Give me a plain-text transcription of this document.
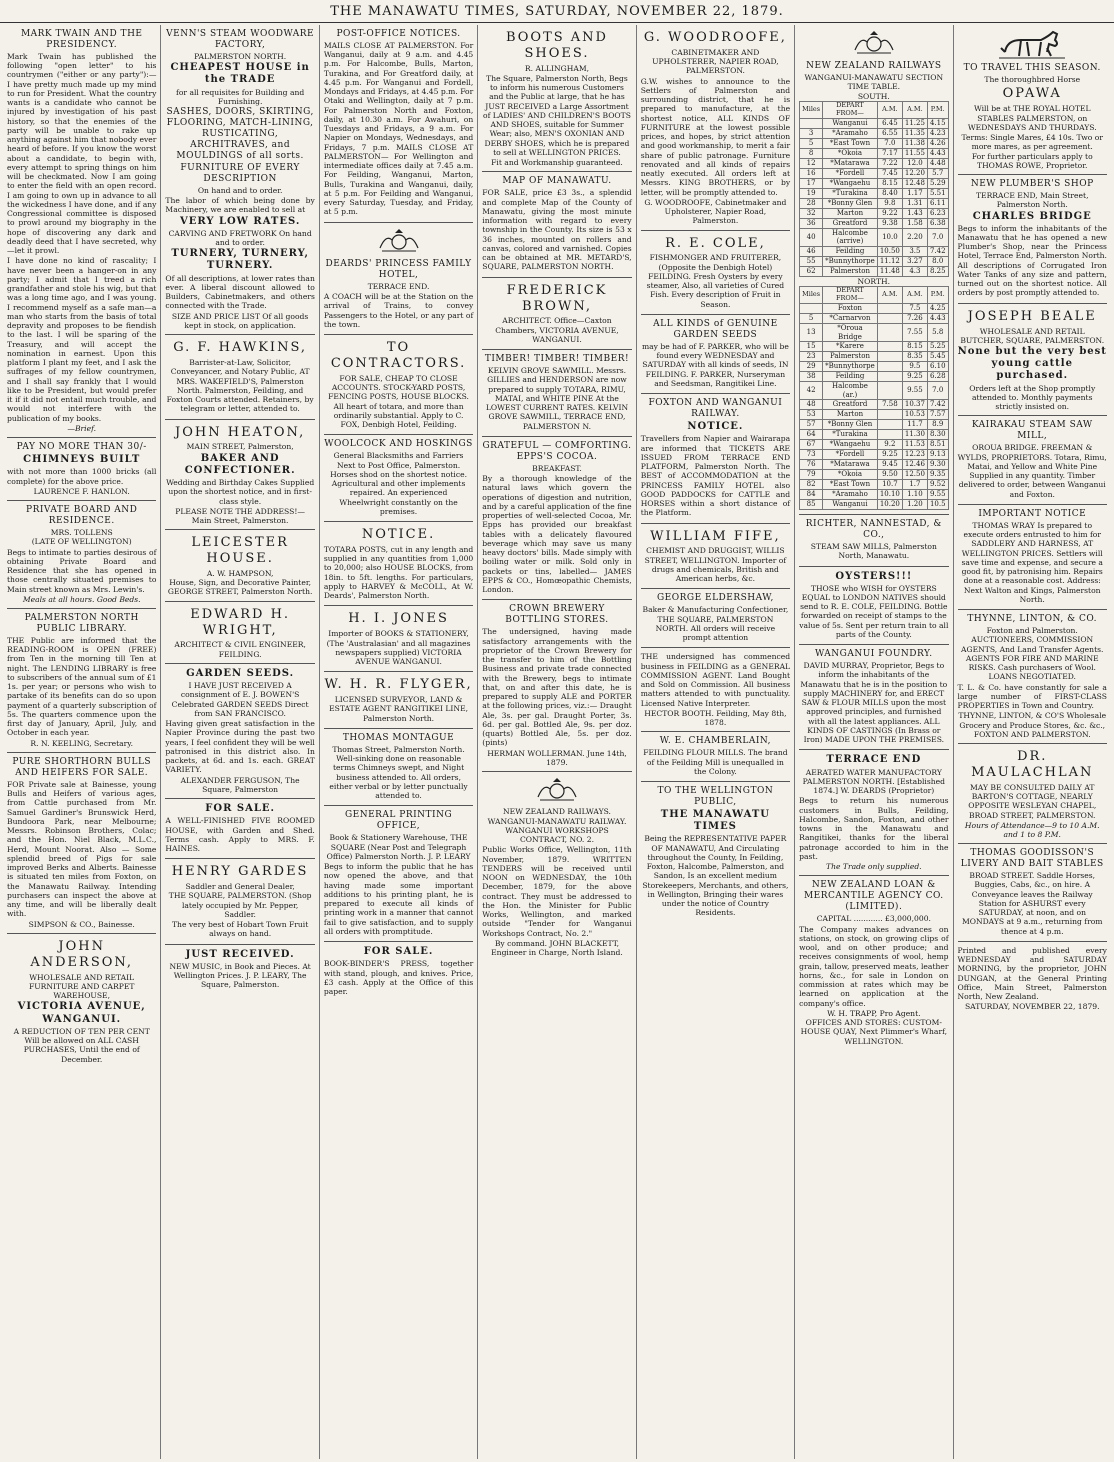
THE MANAWATU TIMES, SATURDAY, NOVEMBER 22, 1879.
MARK TWAIN AND THE PRESIDENCY.

Mark Twain has published the following "open letter" to his countrymen ("either or any party"):— I have pretty much made up my mind to run for President. What the country wants is a candidate who cannot be injured by investigation of his past history, so that the enemies of the party will be unable to rake up anything against him that nobody ever heard of before. If you know the worst about a candidate, to begin with, every attempt to spring things on him will be checkmated. Now I am going to enter the field with an open record. I am going to own up in advance to all the wickedness I have done, and if any Congressional committee is disposed to prowl around my biography in the hope of discovering any dark and deadly deed that I have secreted, why—let it prowl.

I have done no kind of rascality; I have never been a hanger-on in any party; I admit that I treed a rich grandfather and stole his wig, but that was a long time ago, and I was young. I recommend myself as a safe man—a man who starts from the basis of total depravity and proposes to be fiendish to the last. I will be sparing of the Treasury, and will accept the nomination in earnest. Upon this platform I plant my feet, and I ask the suffrages of my fellow countrymen, and I shall say frankly that I would like to be President, but would prefer it if it did not entail much trouble, and would not interfere with the publication of my books.

—Brief.
PAY NO MORE THAN 30/-
CHIMNEYS BUILT

with not more than 1000 bricks (all complete) for the above price.

LAURENCE F. HANLON.
PRIVATE BOARD AND RESIDENCE.
MRS. TOLLENS
(LATE OF WELLINGTON)

Begs to intimate to parties desirous of obtaining Private Board and Residence that she has opened in those centrally situated premises to Main street known as Mrs. Lewin's.

Meals at all hours. Good Beds.
PALMERSTON NORTH PUBLIC LIBRARY.

THE Public are informed that the READING-ROOM is OPEN (FREE) from Ten in the morning till Ten at night. The LENDING LIBRARY is free to subscribers of the annual sum of £1 1s. per year; or persons who wish to partake of its benefits can do so upon payment of a quarterly subscription of 5s. The quarters commence upon the first day of January, April, July, and October in each year.

R. N. KEELING, Secretary.
PURE SHORTHORN BULLS AND HEIFERS FOR SALE.

FOR Private sale at Bainesse, young Bulls and Heifers of various ages, from Cattle purchased from Mr. Samuel Gardiner's Brunswick Herd, Bundoora Park, near Melbourne; Messrs. Robinson Brothers, Colac; and the Hon. Niel Black, M.L.C., Herd, Mount Noorat. Also — Some splendid breed of Pigs for sale improved Berks and Alberts. Bainesse is situated ten miles from Foxton, on the Manawatu Railway. Intending purchasers can inspect the above at any time, and will be liberally dealt with.

SIMPSON & CO., Bainesse.
JOHN ANDERSON,
WHOLESALE AND RETAIL FURNITURE AND CARPET WAREHOUSE,
VICTORIA AVENUE, WANGANUI.

A REDUCTION OF TEN PER CENT Will be allowed on ALL CASH PURCHASES, Until the end of December.

VENN'S STEAM WOODWARE FACTORY,
PALMERSTON NORTH.
CHEAPEST HOUSE in the TRADE
for all requisites for Building and Furnishing.
SASHES, DOORS, SKIRTING, FLOORING, MATCH-LINING, RUSTICATING, ARCHITRAVES, and MOULDINGS of all sorts.
FURNITURE OF EVERY DESCRIPTION
On hand and to order.

The labor of which being done by Machinery, we are enabled to sell at

VERY LOW RATES.
CARVING AND FRETWORK On hand and to order.
TURNERY, TURNERY, TURNERY.

Of all descriptions, at lower rates than ever. A liberal discount allowed to Builders, Cabinetmakers, and others connected with the Trade.

SIZE AND PRICE LIST Of all goods kept in stock, on application.
G. F. HAWKINS,

Barrister-at-Law, Solicitor, Conveyancer, and Notary Public, AT MRS. WAKEFIELD'S, Palmerston North. Palmerston, Feilding, and Foxton Courts attended. Retainers, by telegram or letter, attended to.

JOHN HEATON,
MAIN STREET, Palmerston,
BAKER AND CONFECTIONER.

Wedding and Birthday Cakes Supplied upon the shortest notice, and in first-class style.

PLEASE NOTE THE ADDRESS!— Main Street, Palmerston.
LEICESTER HOUSE.
A. W. HAMPSON,
House, Sign, and Decorative Painter,
GEORGE STREET, Palmerston North.
EDWARD H. WRIGHT,
ARCHITECT & CIVIL ENGINEER, FEILDING.
GARDEN SEEDS.

I HAVE JUST RECEIVED A consignment of E. J. BOWEN'S Celebrated GARDEN SEEDS Direct from SAN FRANCISCO.

Having given great satisfaction in the Napier Province during the past two years, I feel confident they will be well patronised in this district also. In packets, at 6d. and 1s. each. GREAT VARIETY.

ALEXANDER FERGUSON, The Square, Palmerston
FOR SALE.

A WELL-FINISHED FIVE ROOMED HOUSE, with Garden and Shed. Terms cash. Apply to MRS. F. HAINES.

HENRY GARDES
Saddler and General Dealer,
THE SQUARE, PALMERSTON. (Shop lately occupied by Mr. Pepper, Saddler.

The very best of Hobart Town Fruit always on hand.

JUST RECEIVED.

NEW MUSIC, in Book and Pieces. At Wellington Prices. J. P. LEARY, The Square, Palmerston.

POST-OFFICE NOTICES.

MAILS CLOSE AT PALMERSTON. For Wanganui, daily at 9 a.m. and 4.45 p.m. For Halcombe, Bulls, Marton, Turakina, and For Greatford daily, at 4.45 p.m. For Wanganui and Fordell, Mondays and Fridays, at 4.45 p.m. For Otaki and Wellington, daily at 7 p.m. For Palmerston North and Foxton, daily, at 10.30 a.m. For Awahuri, on Tuesdays and Fridays, a 9 a.m. For Napier on Mondays, Wednesdays, and Fridays, 7 p.m. MAILS CLOSE AT PALMERSTON— For Wellington and intermediate offices daily at 7.45 a.m. For Feilding, Wanganui, Marton, Bulls, Turakina and Wanganui, daily, at 5 p.m. For Feilding and Wanganui, every Saturday, Tuesday, and Friday, at 5 p.m.

DEARDS' PRINCESS FAMILY HOTEL,
TERRACE END.

A COACH will be at the Station on the arrival of Trains, to convey Passengers to the Hotel, or any part of the town.

TO CONTRACTORS.

FOR SALE, CHEAP TO CLOSE ACCOUNTS. STOCK-YARD POSTS, FENCING POSTS, HOUSE BLOCKS. All heart of totara, and more than ordinarily substantial. Apply to C. FOX, Denbigh Hotel, Feilding.

WOOLCOCK AND HOSKINGS

General Blacksmiths and Farriers Next to Post Office, Palmerston. Horses shod on the shortest notice. Agricultural and other implements repaired. An experienced Wheelwright constantly on the premises.

NOTICE.

TOTARA POSTS, cut in any length and supplied in any quantities from 1,000 to 20,000; also HOUSE BLOCKS, from 18in. to 5ft. lengths. For particulars, apply to HARVEY & McCOLL, At W. Deards', Palmerston North.

H. I. JONES

Importer of BOOKS & STATIONERY, (The 'Australasian' and all magazines newspapers supplied) VICTORIA AVENUE WANGANUI.

W. H. R. FLYGER,

LICENSED SURVEYOR, LAND & ESTATE AGENT RANGITIKEI LINE, Palmerston North.

THOMAS MONTAGUE

Thomas Street, Palmerston North. Well-sinking done on reasonable terms Chimneys swept, and Night business attended to. All orders, either verbal or by letter punctually attended to.

GENERAL PRINTING OFFICE,

Book & Stationery Warehouse, THE SQUARE (Near Post and Telegraph Office) Palmerston North. J. P. LEARY

Begs to inform the public that he has now opened the above, and that having made some important additions to his printing plant, he is prepared to execute all kinds of printing work in a manner that cannot fail to give satisfaction, and to supply all orders with promptitude.

FOR SALE.

BOOK-BINDER'S PRESS, together with stand, plough, and knives. Price, £3 cash. Apply at the Office of this paper.

BOOTS AND SHOES.
R. ALLINGHAM,

The Square, Palmerston North, Begs to inform his numerous Customers and the Public at large, that he has JUST RECEIVED a Large Assortment of LADIES' AND CHILDREN'S BOOTS AND SHOES, suitable for Summer Wear; also, MEN'S OXONIAN AND DERBY SHOES, which he is prepared to sell at WELLINGTON PRICES.

Fit and Workmanship guaranteed.
MAP OF MANAWATU.

FOR SALE, price £3 3s., a splendid and complete Map of the County of Manawatu, giving the most minute information with regard to every township in the County. Its size is 53 x 36 inches, mounted on rollers and canvas, colored and varnished. Copies can be obtained at MR. METARD'S, SQUARE, PALMERSTON NORTH.

FREDERICK BROWN,

ARCHITECT. Office—Caxton Chambers, VICTORIA AVENUE, WANGANUI.

TIMBER! TIMBER! TIMBER!

KELVIN GROVE SAWMILL. Messrs. GILLIES and HENDERSON are now prepared to supply TOTARA, RIMU, MATAI, and WHITE PINE At the LOWEST CURRENT RATES. KELVIN GROVE SAWMILL, TERRACE END, PALMERSTON N.

GRATEFUL — COMFORTING. EPPS'S COCOA.
BREAKFAST.

By a thorough knowledge of the natural laws which govern the operations of digestion and nutrition, and by a careful application of the fine properties of well-selected Cocoa, Mr. Epps has provided our breakfast tables with a delicately flavoured beverage which may save us many heavy doctors' bills. Made simply with boiling water or milk. Sold only in packets or tins, labelled— JAMES EPPS & CO., Homœopathic Chemists, London.

CROWN BREWERY BOTTLING STORES.

The undersigned, having made satisfactory arrangements with the proprietor of the Crown Brewery for the transfer to him of the Bottling Business and private trade connected with the Brewery, begs to intimate that, on and after this date, he is prepared to supply ALE and PORTER at the following prices, viz.:— Draught Ale, 3s. per gal. Draught Porter, 3s. 6d. per gal. Bottled Ale, 9s. per doz. (quarts) Bottled Ale, 5s. per doz. (pints)

HERMAN WOLLERMAN. June 14th, 1879.
NEW ZEALAND RAILWAYS. WANGANUI-MANAWATU RAILWAY.
WANGANUI WORKSHOPS CONTRACT, NO. 2.

Public Works Office, Wellington, 11th November, 1879. WRITTEN TENDERS will be received until NOON on WEDNESDAY, the 10th December, 1879, for the above contract. They must be addressed to the Hon. the Minister for Public Works, Wellington, and marked outside "Tender for Wanganui Workshops Contract, No. 2."

By command. JOHN BLACKETT, Engineer in Charge, North Island.
G. WOODROOFE,
CABINETMAKER AND UPHOLSTERER, NAPIER ROAD, PALMERSTON.

G.W. wishes to announce to the Settlers of Palmerston and surrounding district, that he is prepared to manufacture, at the shortest notice, ALL KINDS OF FURNITURE at the lowest possible prices, and hopes, by strict attention and good workmanship, to merit a fair share of public patronage. Furniture renovated and all kinds of repairs neatly executed. All orders left at Messrs. KING BROTHERS, or by letter, will be promptly attended to.

G. WOODROOFE, Cabinetmaker and Upholsterer, Napier Road, Palmerston.
R. E. COLE,

FISHMONGER AND FRUITERER, (Opposite the Denbigh Hotel) FEILDING. Fresh Oysters by every steamer, Also, all varieties of Cured Fish. Every description of Fruit in Season.

ALL KINDS of GENUINE GARDEN SEEDS

may be had of F. PARKER, who will be found every WEDNESDAY and SATURDAY with all kinds of seeds, IN FEILDING. F. PARKER, Nurseryman and Seedsman, Rangitikei Line.

FOXTON AND WANGANUI RAILWAY.
NOTICE.

Travellers from Napier and Wairarapa are informed that TICKETS ARE ISSUED FROM TERRACE END PLATFORM, Palmerston North. The BEST of ACCOMMODATION at the PRINCESS FAMILY HOTEL also GOOD PADDOCKS for CATTLE and HORSES within a short distance of the Platform.

WILLIAM FIFE,

CHEMIST AND DRUGGIST, WILLIS STREET, WELLINGTON. Importer of drugs and chemicals, British and American herbs, &c.

GEORGE ELDERSHAW,

Baker & Manufacturing Confectioner, THE SQUARE, PALMERSTON NORTH. All orders will receive prompt attention

THE undersigned has commenced business in FEILDING as a GENERAL COMMISSION AGENT. Land Bought and Sold on Commission. All business matters attended to with punctuality. Licensed Native Interpreter.

HECTOR BOOTH. Feilding, May 8th, 1878.
W. E. CHAMBERLAIN,

FEILDING FLOUR MILLS. The brand of the Feilding Mill is unequalled in the Colony.

TO THE WELLINGTON PUBLIC,
THE MANAWATU TIMES

Being the REPRESENTATIVE PAPER OF MANAWATU, And Circulating throughout the County, In Feilding, Foxton, Halcombe, Palmerston, and Sandon, Is an excellent medium Storekeepers, Merchants, and others, in Wellington, Bringing their wares under the notice of Country Residents.

NEW ZEALAND RAILWAYS
WANGANUI-MANAWATU SECTION TIME TABLE.
SOUTH.
Miles	DEPART FROM—	A.M.	A.M.	P.M.
	Wanganui	6.45	11.25	4.15
3	*Aramaho	6.55	11.35	4.23
5	*East Town	7.0	11.38	4.26
8	*Okoia	7.17	11.55	4.43
12	*Matarawa	7.22	12.0	4.48
16	*Fordell	7.45	12.20	5.7
17	*Wangaehu	8.15	12.48	5.29
19	*Turakina	8.40	1.17	5.51
28	*Bonny Glen	9.8	1.31	6.11
32	Marton	9.22	1.43	6.23
36	Greatford	9.38	1.58	6.38
40	Halcombe (arrive)	10.0	2.20	7.0
46	Feilding	10.50	3.5	7.42
55	*Bunnythorpe	11.12	3.27	8.0
62	Palmerston	11.48	4.3	8.25
NORTH.
Miles	DEPART FROM—	A.M.	A.M.	P.M.
	Foxton		7.5	4.25
5	*Carnarvon		7.26	4.43
13	*Oroua Bridge		7.55	5.8
15	*Karere		8.15	5.25
23	Palmerston		8.35	5.45
29	*Bunnythorpe		9.5	6.10
38	Feilding		9.25	6.28
42	Halcombe (ar.)		9.55	7.0
48	Greatford	7.58	10.37	7.42
53	Marton		10.53	7.57
57	*Bonny Glen		11.7	8.9
64	*Turakina		11.30	8.30
67	*Wangaehu	9.2	11.53	8.51
73	*Fordell	9.25	12.23	9.13
76	*Matarawa	9.45	12.46	9.30
79	*Okoia	9.50	12.50	9.35
82	*East Town	10.7	1.7	9.52
84	*Aramaho	10.10	1.10	9.55
85	Wanganui	10.20	1.20	10.5
RICHTER, NANNESTAD, & CO.,

STEAM SAW MILLS, Palmerston North, Manawatu.

OYSTERS!!!

THOSE who WISH for OYSTERS EQUAL to LONDON NATIVES should send to R. E. COLE, FEILDING. Bottle forwarded on receipt of stamps to the value of 5s. Sent per return train to all parts of the County.

WANGANUI FOUNDRY.

DAVID MURRAY, Proprietor, Begs to inform the inhabitants of the Manawatu that he is in the position to supply MACHINERY for, and ERECT SAW & FLOUR MILLS upon the most approved principles, and furnished with all the latest appliances. ALL KINDS OF CASTINGS (In Brass or Iron) MADE UPON THE PREMISES.

TERRACE END
AERATED WATER MANUFACTORY PALMERSTON NORTH. [Established 1874.] W. DEARDS (Proprietor)

Begs to return his numerous customers in Bulls, Feilding, Halcombe, Sandon, Foxton, and other towns in the Manawatu and Rangitikei, thanks for the liberal patronage accorded to him in the past.

The Trade only supplied.
NEW ZEALAND LOAN & MERCANTILE AGENCY CO. (LIMITED).
CAPITAL ............ £3,000,000.

The Company makes advances on stations, on stock, on growing clips of wool, and on other produce; and receives consignments of wool, hemp grain, tallow, preserved meats, leather horns, &c., for sale in London on commission at rates which may be learned on application at the company's office.

W. H. TRAPP, Pro Agent.
OFFICES AND STORES: CUSTOM-HOUSE QUAY, Next Plimmer's Wharf, WELLINGTON.
TO TRAVEL THIS SEASON.
The thoroughbred Horse
OPAWA

Will be at THE ROYAL HOTEL STABLES PALMERSTON, on WEDNESDAYS AND THURDAYS.

Terms: Single Mares, £4 10s. Two or more mares, as per agreement.
For further particulars apply to THOMAS ROWE, Proprietor.
NEW PLUMBER'S SHOP
TERRACE END, Main Street, Palmerston North.
CHARLES BRIDGE

Begs to inform the inhabitants of the Manawatu that he has opened a new Plumber's Shop, near the Princess Hotel, Terrace End, Palmerston North. All descriptions of Corrugated Iron Water Tanks of any size and pattern, turned out on the shortest notice. All orders by post promptly attended to.

JOSEPH BEALE

WHOLESALE AND RETAIL BUTCHER, SQUARE, PALMERSTON.

None but the very best young cattle purchased.
Orders left at the Shop promptly attended to. Monthly payments strictly insisted on.
KAIRAKAU STEAM SAW MILL,

OROUA BRIDGE. FREEMAN & WYLDS, PROPRIETORS. Totara, Rimu, Matai, and Yellow and White Pine Supplied in any quantity. Timber delivered to order, between Wanganui and Foxton.

IMPORTANT NOTICE

THOMAS WRAY Is prepared to execute orders entrusted to him for SADDLERY AND HARNESS, AT WELLINGTON PRICES. Settlers will save time and expense, and secure a good fit, by patronising him. Repairs done at a reasonable cost. Address: Next Walton and Kings, Palmerston North.

THYNNE, LINTON, & CO.

Foxton and Palmerston. AUCTIONEERS, COMMISSION AGENTS, And Land Transfer Agents. AGENTS FOR FIRE AND MARINE RISKS. Cash purchasers of Wool. LOANS NEGOTIATED.

T. L. & Co. have constantly for sale a large number of FIRST-CLASS PROPERTIES in Town and Country.

THYNNE, LINTON, & CO'S Wholesale Grocery and Produce Stores, &c. &c., FOXTON AND PALMERSTON.
DR. MAULACHLAN

MAY BE CONSULTED DAILY AT BARTON'S COTTAGE, NEARLY OPPOSITE WESLEYAN CHAPEL, BROAD STREET, PALMERSTON.

Hours of Attendance—9 to 10 A.M. and 1 to 8 P.M.
THOMAS GOODISSON'S LIVERY AND BAIT STABLES

BROAD STREET. Saddle Horses, Buggies, Cabs, &c., on hire. A Conveyance leaves the Railway Station for ASHURST every SATURDAY, at noon, and on MONDAYS at 9 a.m., returning from thence at 4 p.m.

Printed and published every WEDNESDAY and SATURDAY MORNING, by the proprietor, JOHN DUNGAN, at the General Printing Office, Main Street, Palmerston North, New Zealand.

SATURDAY, NOVEMBER 22, 1879.
